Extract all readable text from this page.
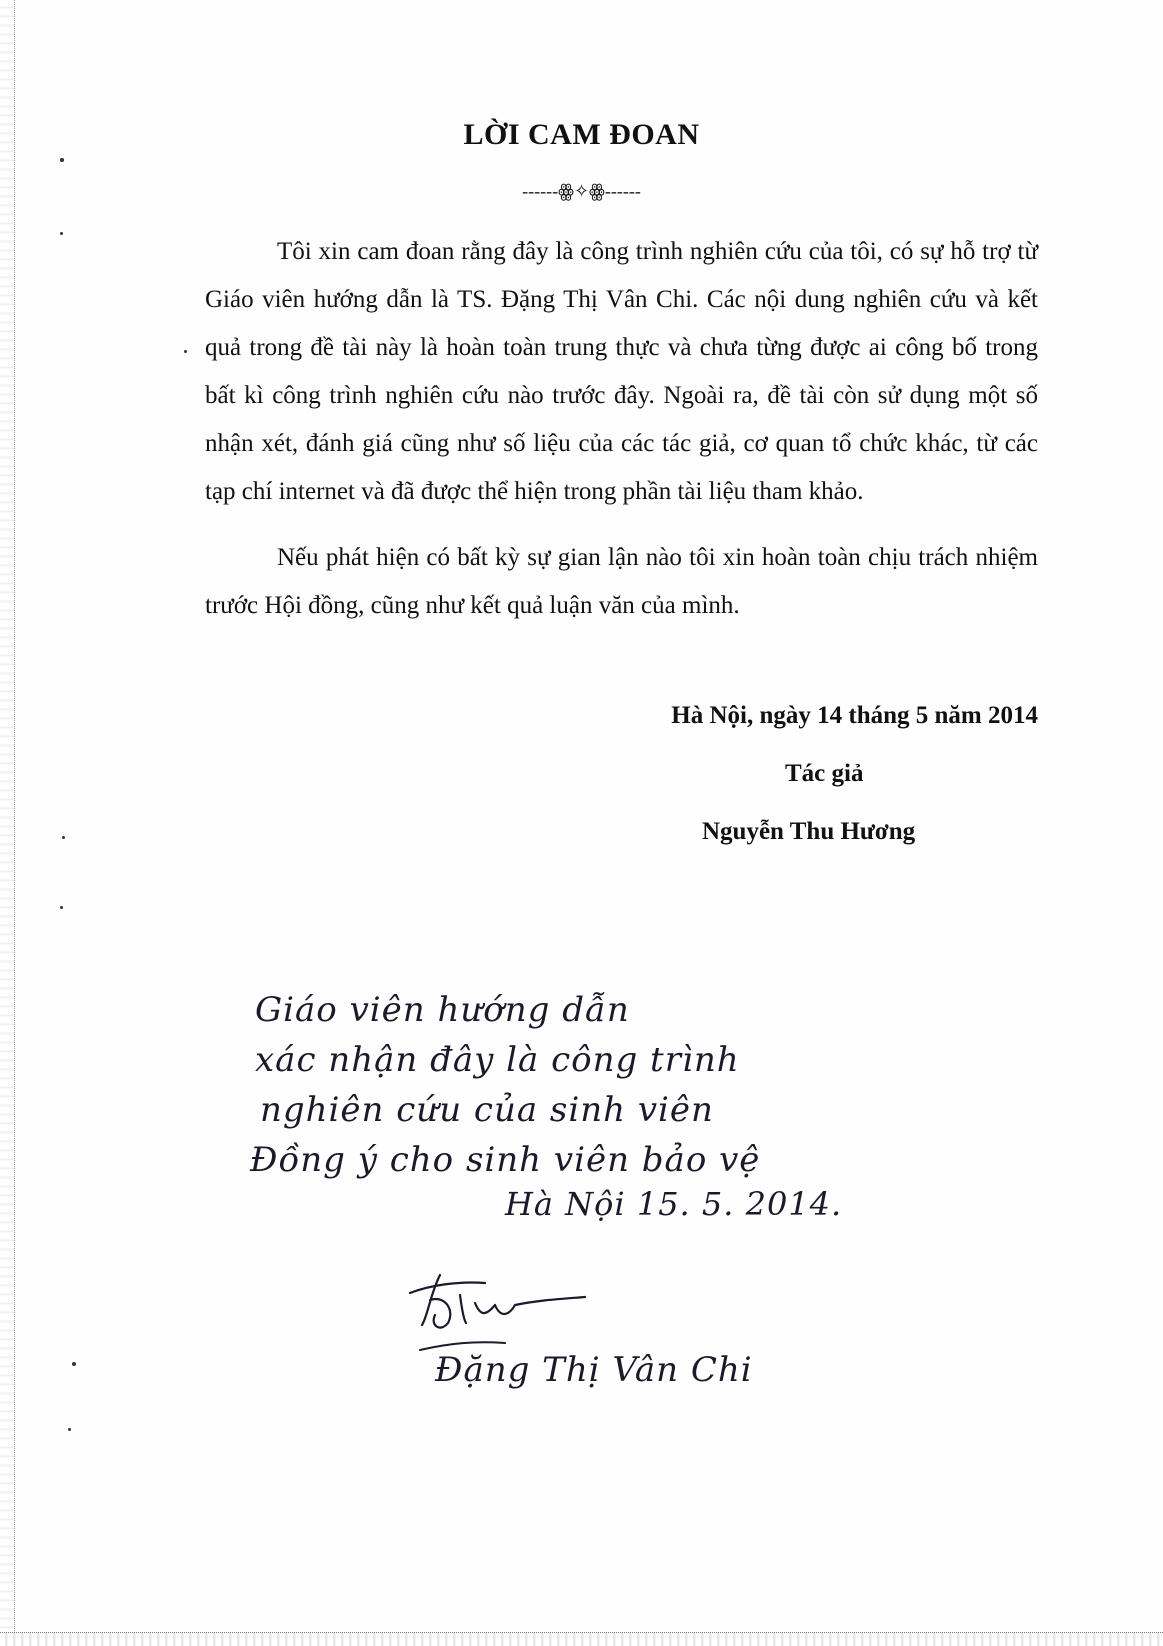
LỜI CAM ĐOAN
------ꙮ✧ꙮ------

Tôi xin cam đoan rằng đây là công trình nghiên cứu của tôi, có sự hỗ trợ từ Giáo viên hướng dẫn là TS. Đặng Thị Vân Chi. Các nội dung nghiên cứu và kết quả trong đề tài này là hoàn toàn trung thực và chưa từng được ai công bố trong bất kì công trình nghiên cứu nào trước đây. Ngoài ra, đề tài còn sử dụng một số nhận xét, đánh giá cũng như số liệu của các tác giả, cơ quan tổ chức khác, từ các tạp chí internet và đã được thể hiện trong phần tài liệu tham khảo.

Nếu phát hiện có bất kỳ sự gian lận nào tôi xin hoàn toàn chịu trách nhiệm trước Hội đồng, cũng như kết quả luận văn của mình.

Hà Nội, ngày 14 tháng 5 năm 2014
Tác giả
Nguyễn Thu Hương
Giáo viên hướng dẫn
xác nhận đây là công trình
nghiên cứu của sinh viên
Đồng ý cho sinh viên bảo vệ
Hà Nội 15. 5. 2014.
Đặng Thị Vân Chi
